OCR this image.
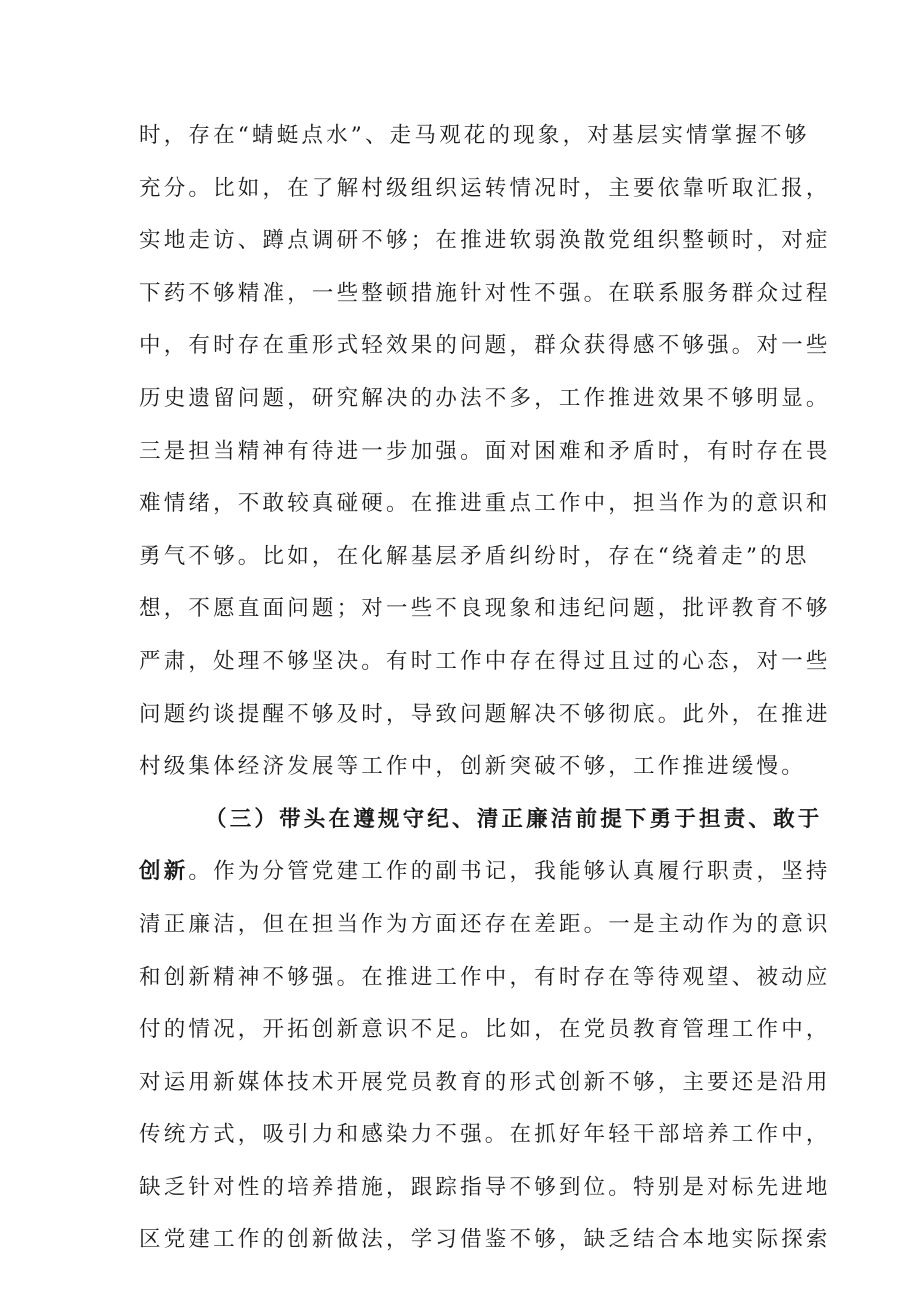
时，存在“蜻蜓点水”、走马观花的现象，对基层实情掌握不够
充分。比如，在了解村级组织运转情况时，主要依靠听取汇报，
实地走访、蹲点调研不够；在推进软弱涣散党组织整顿时，对症
下药不够精准，一些整顿措施针对性不强。在联系服务群众过程
中，有时存在重形式轻效果的问题，群众获得感不够强。对一些
历史遗留问题，研究解决的办法不多，工作推进效果不够明显。
三是担当精神有待进一步加强。面对困难和矛盾时，有时存在畏
难情绪，不敢较真碰硬。在推进重点工作中，担当作为的意识和
勇气不够。比如，在化解基层矛盾纠纷时，存在“绕着走”的思
想，不愿直面问题；对一些不良现象和违纪问题，批评教育不够
严肃，处理不够坚决。有时工作中存在得过且过的心态，对一些
问题约谈提醒不够及时，导致问题解决不够彻底。此外，在推进
村级集体经济发展等工作中，创新突破不够，工作推进缓慢。
（三）带头在遵规守纪、清正廉洁前提下勇于担责、敢于
创新。作为分管党建工作的副书记，我能够认真履行职责，坚持
清正廉洁，但在担当作为方面还存在差距。一是主动作为的意识
和创新精神不够强。在推进工作中，有时存在等待观望、被动应
付的情况，开拓创新意识不足。比如，在党员教育管理工作中，
对运用新媒体技术开展党员教育的形式创新不够，主要还是沿用
传统方式，吸引力和感染力不强。在抓好年轻干部培养工作中，
缺乏针对性的培养措施，跟踪指导不够到位。特别是对标先进地
区党建工作的创新做法，学习借鉴不够，缺乏结合本地实际探索
